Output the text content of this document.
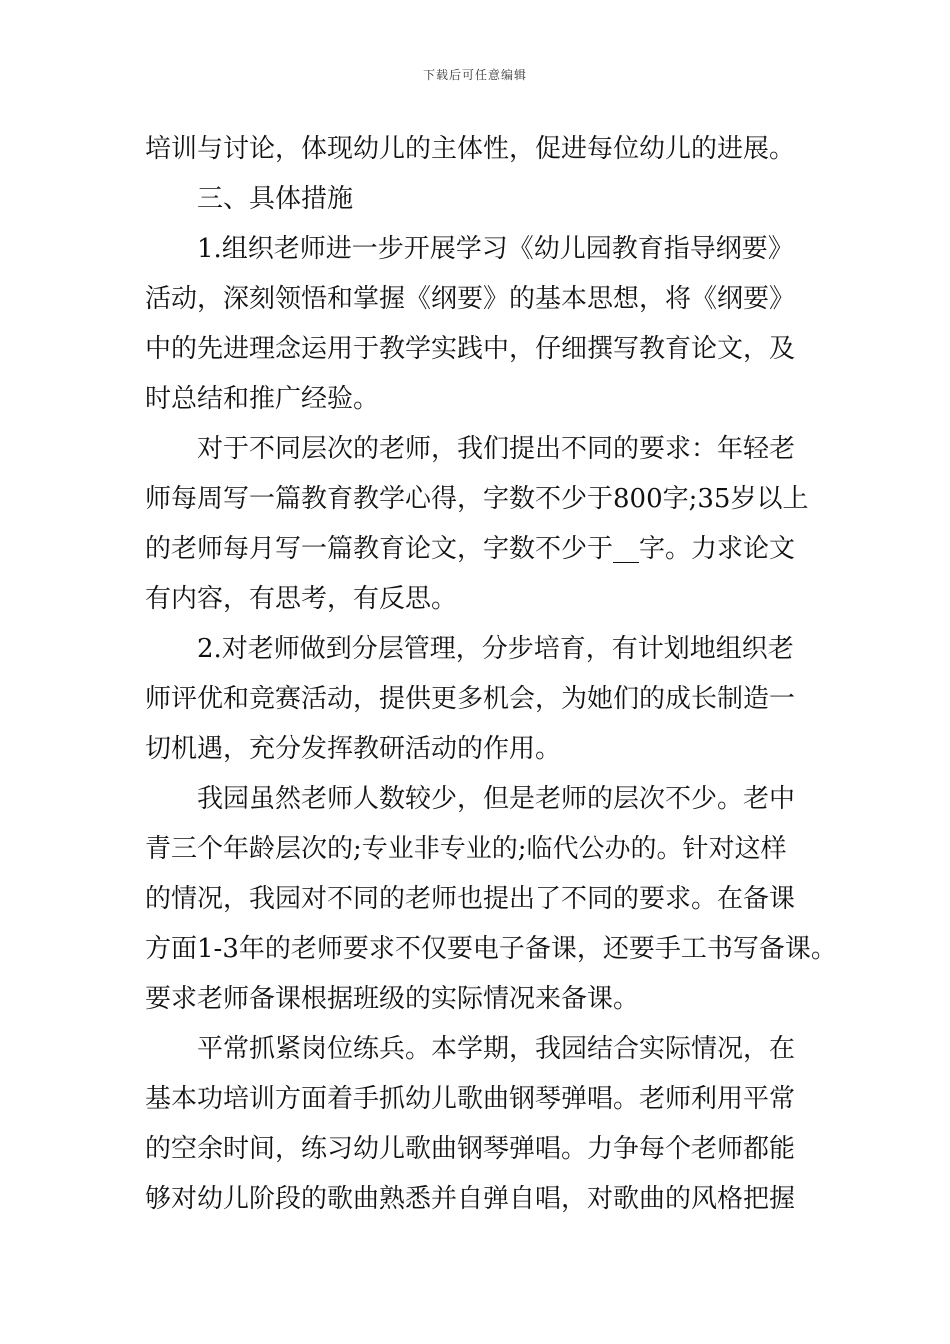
下载后可任意编辑
培训与讨论，体现幼儿的主体性，促进每位幼儿的进展。
三、具体措施
1.组织老师进一步开展学习《幼儿园教育指导纲要》
活动，深刻领悟和掌握《纲要》的基本思想，将《纲要》
中的先进理念运用于教学实践中，仔细撰写教育论文，及
时总结和推广经验。
对于不同层次的老师，我们提出不同的要求：年轻老
师每周写一篇教育教学心得，字数不少于800字;35岁以上
的老师每月写一篇教育论文，字数不少于__字。力求论文
有内容，有思考，有反思。
2.对老师做到分层管理，分步培育，有计划地组织老
师评优和竞赛活动，提供更多机会，为她们的成长制造一
切机遇，充分发挥教研活动的作用。
我园虽然老师人数较少，但是老师的层次不少。老中
青三个年龄层次的;专业非专业的;临代公办的。针对这样
的情况，我园对不同的老师也提出了不同的要求。在备课
方面1-3年的老师要求不仅要电子备课，还要手工书写备课。
要求老师备课根据班级的实际情况来备课。
平常抓紧岗位练兵。本学期，我园结合实际情况，在
基本功培训方面着手抓幼儿歌曲钢琴弹唱。老师利用平常
的空余时间，练习幼儿歌曲钢琴弹唱。力争每个老师都能
够对幼儿阶段的歌曲熟悉并自弹自唱，对歌曲的风格把握
